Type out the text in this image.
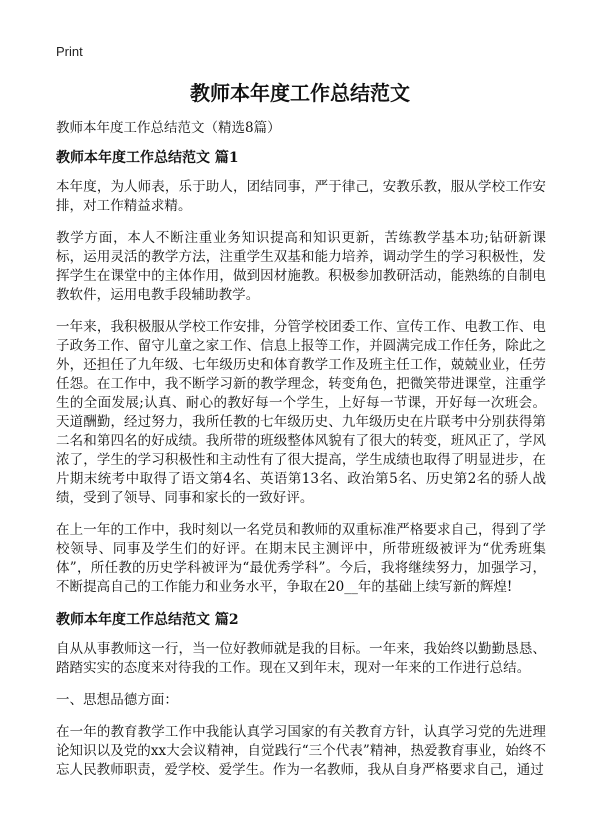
Print
教师本年度工作总结范文

教师本年度工作总结范文（精选8篇）

教师本年度工作总结范文 篇1

本年度，为人师表，乐于助人，团结同事，严于律己，安教乐教，服从学校工作安排，对工作精益求精。

教学方面，本人不断注重业务知识提高和知识更新，苦练教学基本功;钻研新课标，运用灵活的教学方法，注重学生双基和能力培养，调动学生的学习积极性，发挥学生在课堂中的主体作用，做到因材施教。积极参加教研活动，能熟练的自制电教软件，运用电教手段辅助教学。

一年来，我积极服从学校工作安排，分管学校团委工作、宣传工作、电教工作、电子政务工作、留守儿童之家工作、信息上报等工作，并圆满完成工作任务，除此之外，还担任了九年级、七年级历史和体育教学工作及班主任工作，兢兢业业，任劳任怨。在工作中，我不断学习新的教学理念，转变角色，把微笑带进课堂，注重学生的全面发展;认真、耐心的教好每一个学生，上好每一节课，开好每一次班会。天道酬勤，经过努力，我所任教的七年级历史、九年级历史在片联考中分别获得第二名和第四名的好成绩。我所带的班级整体风貌有了很大的转变，班风正了，学风浓了，学生的学习积极性和主动性有了很大提高，学生成绩也取得了明显进步，在片期末统考中取得了语文第4名、英语第13名、政治第5名、历史第2名的骄人战绩，受到了领导、同事和家长的一致好评。

在上一年的工作中，我时刻以一名党员和教师的双重标准严格要求自己，得到了学校领导、同事及学生们的好评。在期末民主测评中，所带班级被评为“优秀班集体”，所任教的历史学科被评为“最优秀学科”。今后，我将继续努力，加强学习，不断提高自己的工作能力和业务水平，争取在20__年的基础上续写新的辉煌!

教师本年度工作总结范文 篇2

自从从事教师这一行，当一位好教师就是我的目标。一年来，我始终以勤勤恳恳、踏踏实实的态度来对待我的工作。现在又到年末，现对一年来的工作进行总结。

一、思想品德方面：

在一年的教育教学工作中我能认真学习国家的有关教育方针，认真学习党的先进理论知识以及党的xx大会议精神，自觉践行“三个代表”精神，热爱教育事业，始终不忘人民教师职责，爱学校、爱学生。作为一名教师，我从自身严格要求自己，通过
